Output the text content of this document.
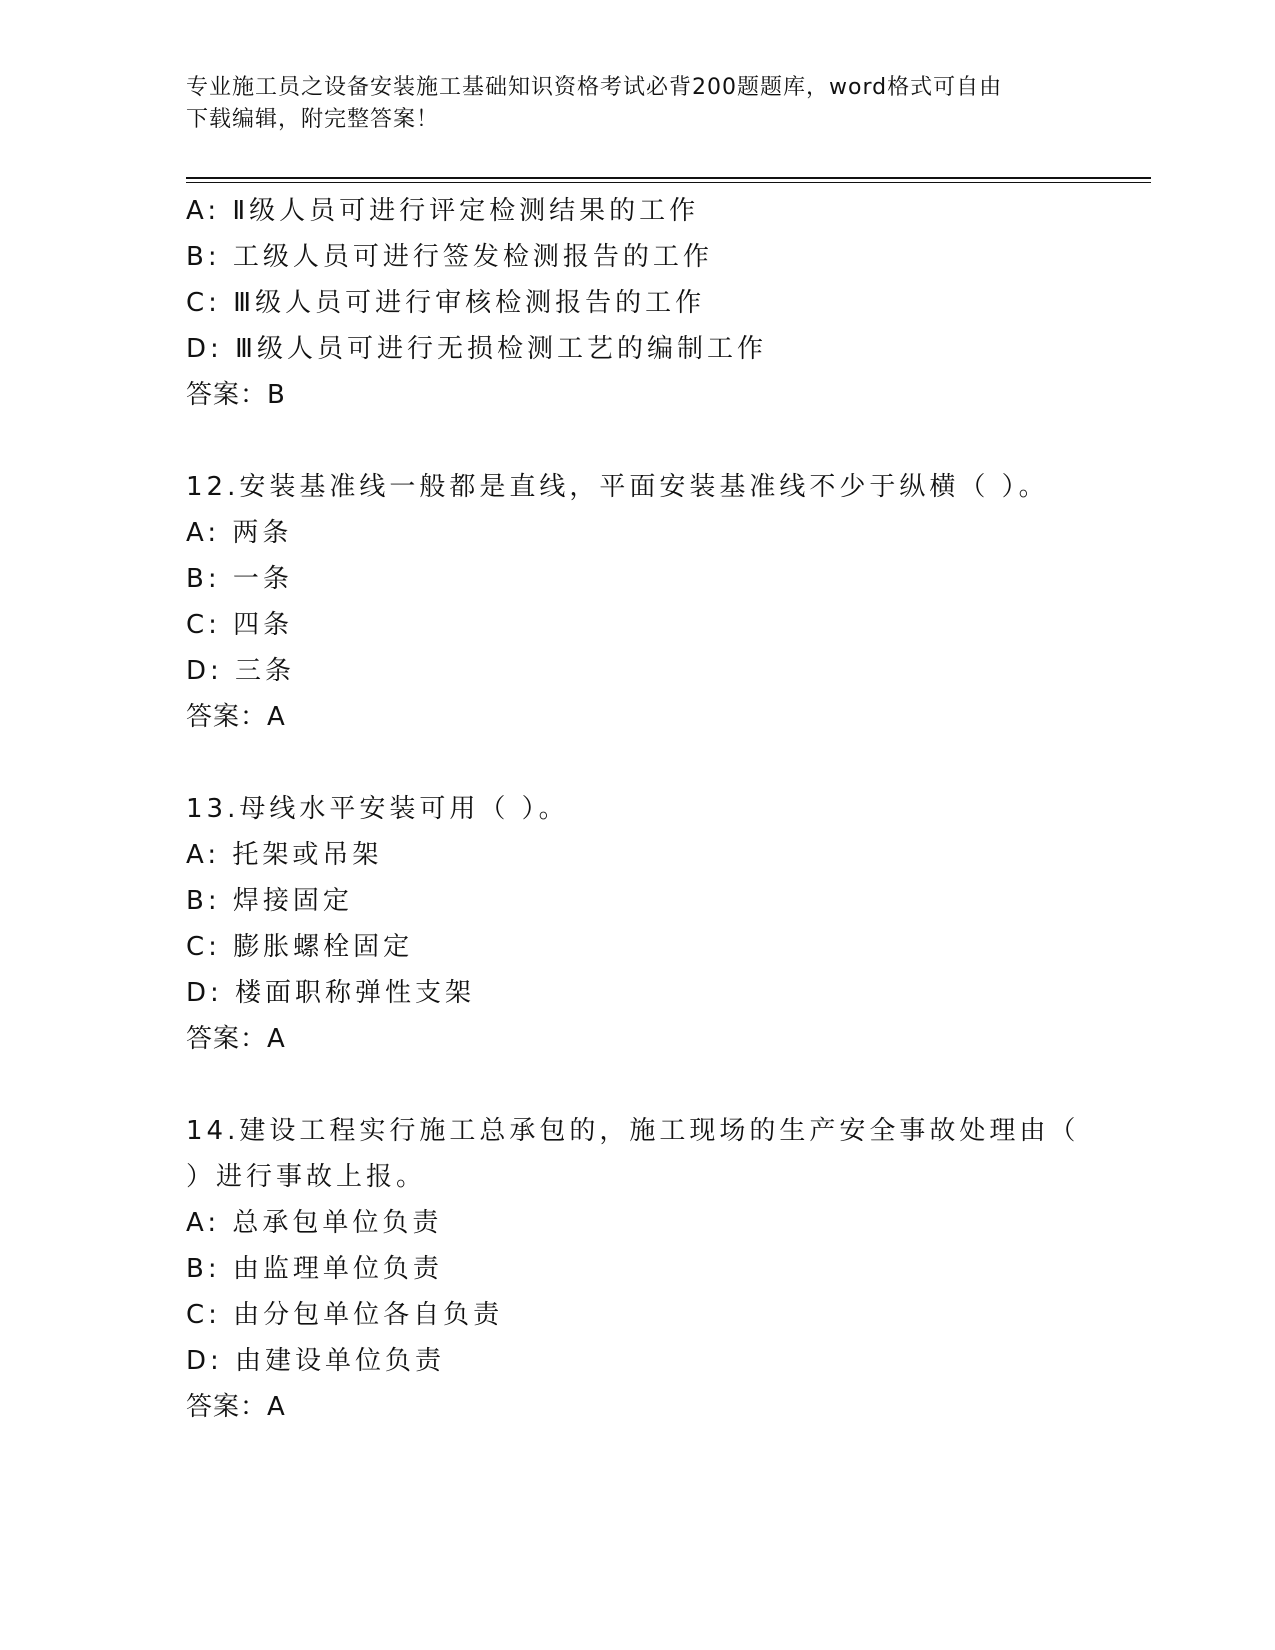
专业施工员之设备安装施工基础知识资格考试必背200题题库，word格式可自由
下载编辑，附完整答案！
A: Ⅱ级人员可进行评定检测结果的工作
B: 工级人员可进行签发检测报告的工作
C: Ⅲ级人员可进行审核检测报告的工作
D: Ⅲ级人员可进行无损检测工艺的编制工作
答案：B
12.安装基准线一般都是直线，平面安装基准线不少于纵横（ ）。
A: 两条
B: 一条
C: 四条
D: 三条
答案：A
13.母线水平安装可用（ ）。
A: 托架或吊架
B: 焊接固定
C: 膨胀螺栓固定
D: 楼面职称弹性支架
答案：A
14.建设工程实行施工总承包的，施工现场的生产安全事故处理由（
）进行事故上报。
A: 总承包单位负责
B: 由监理单位负责
C: 由分包单位各自负责
D: 由建设单位负责
答案：A
